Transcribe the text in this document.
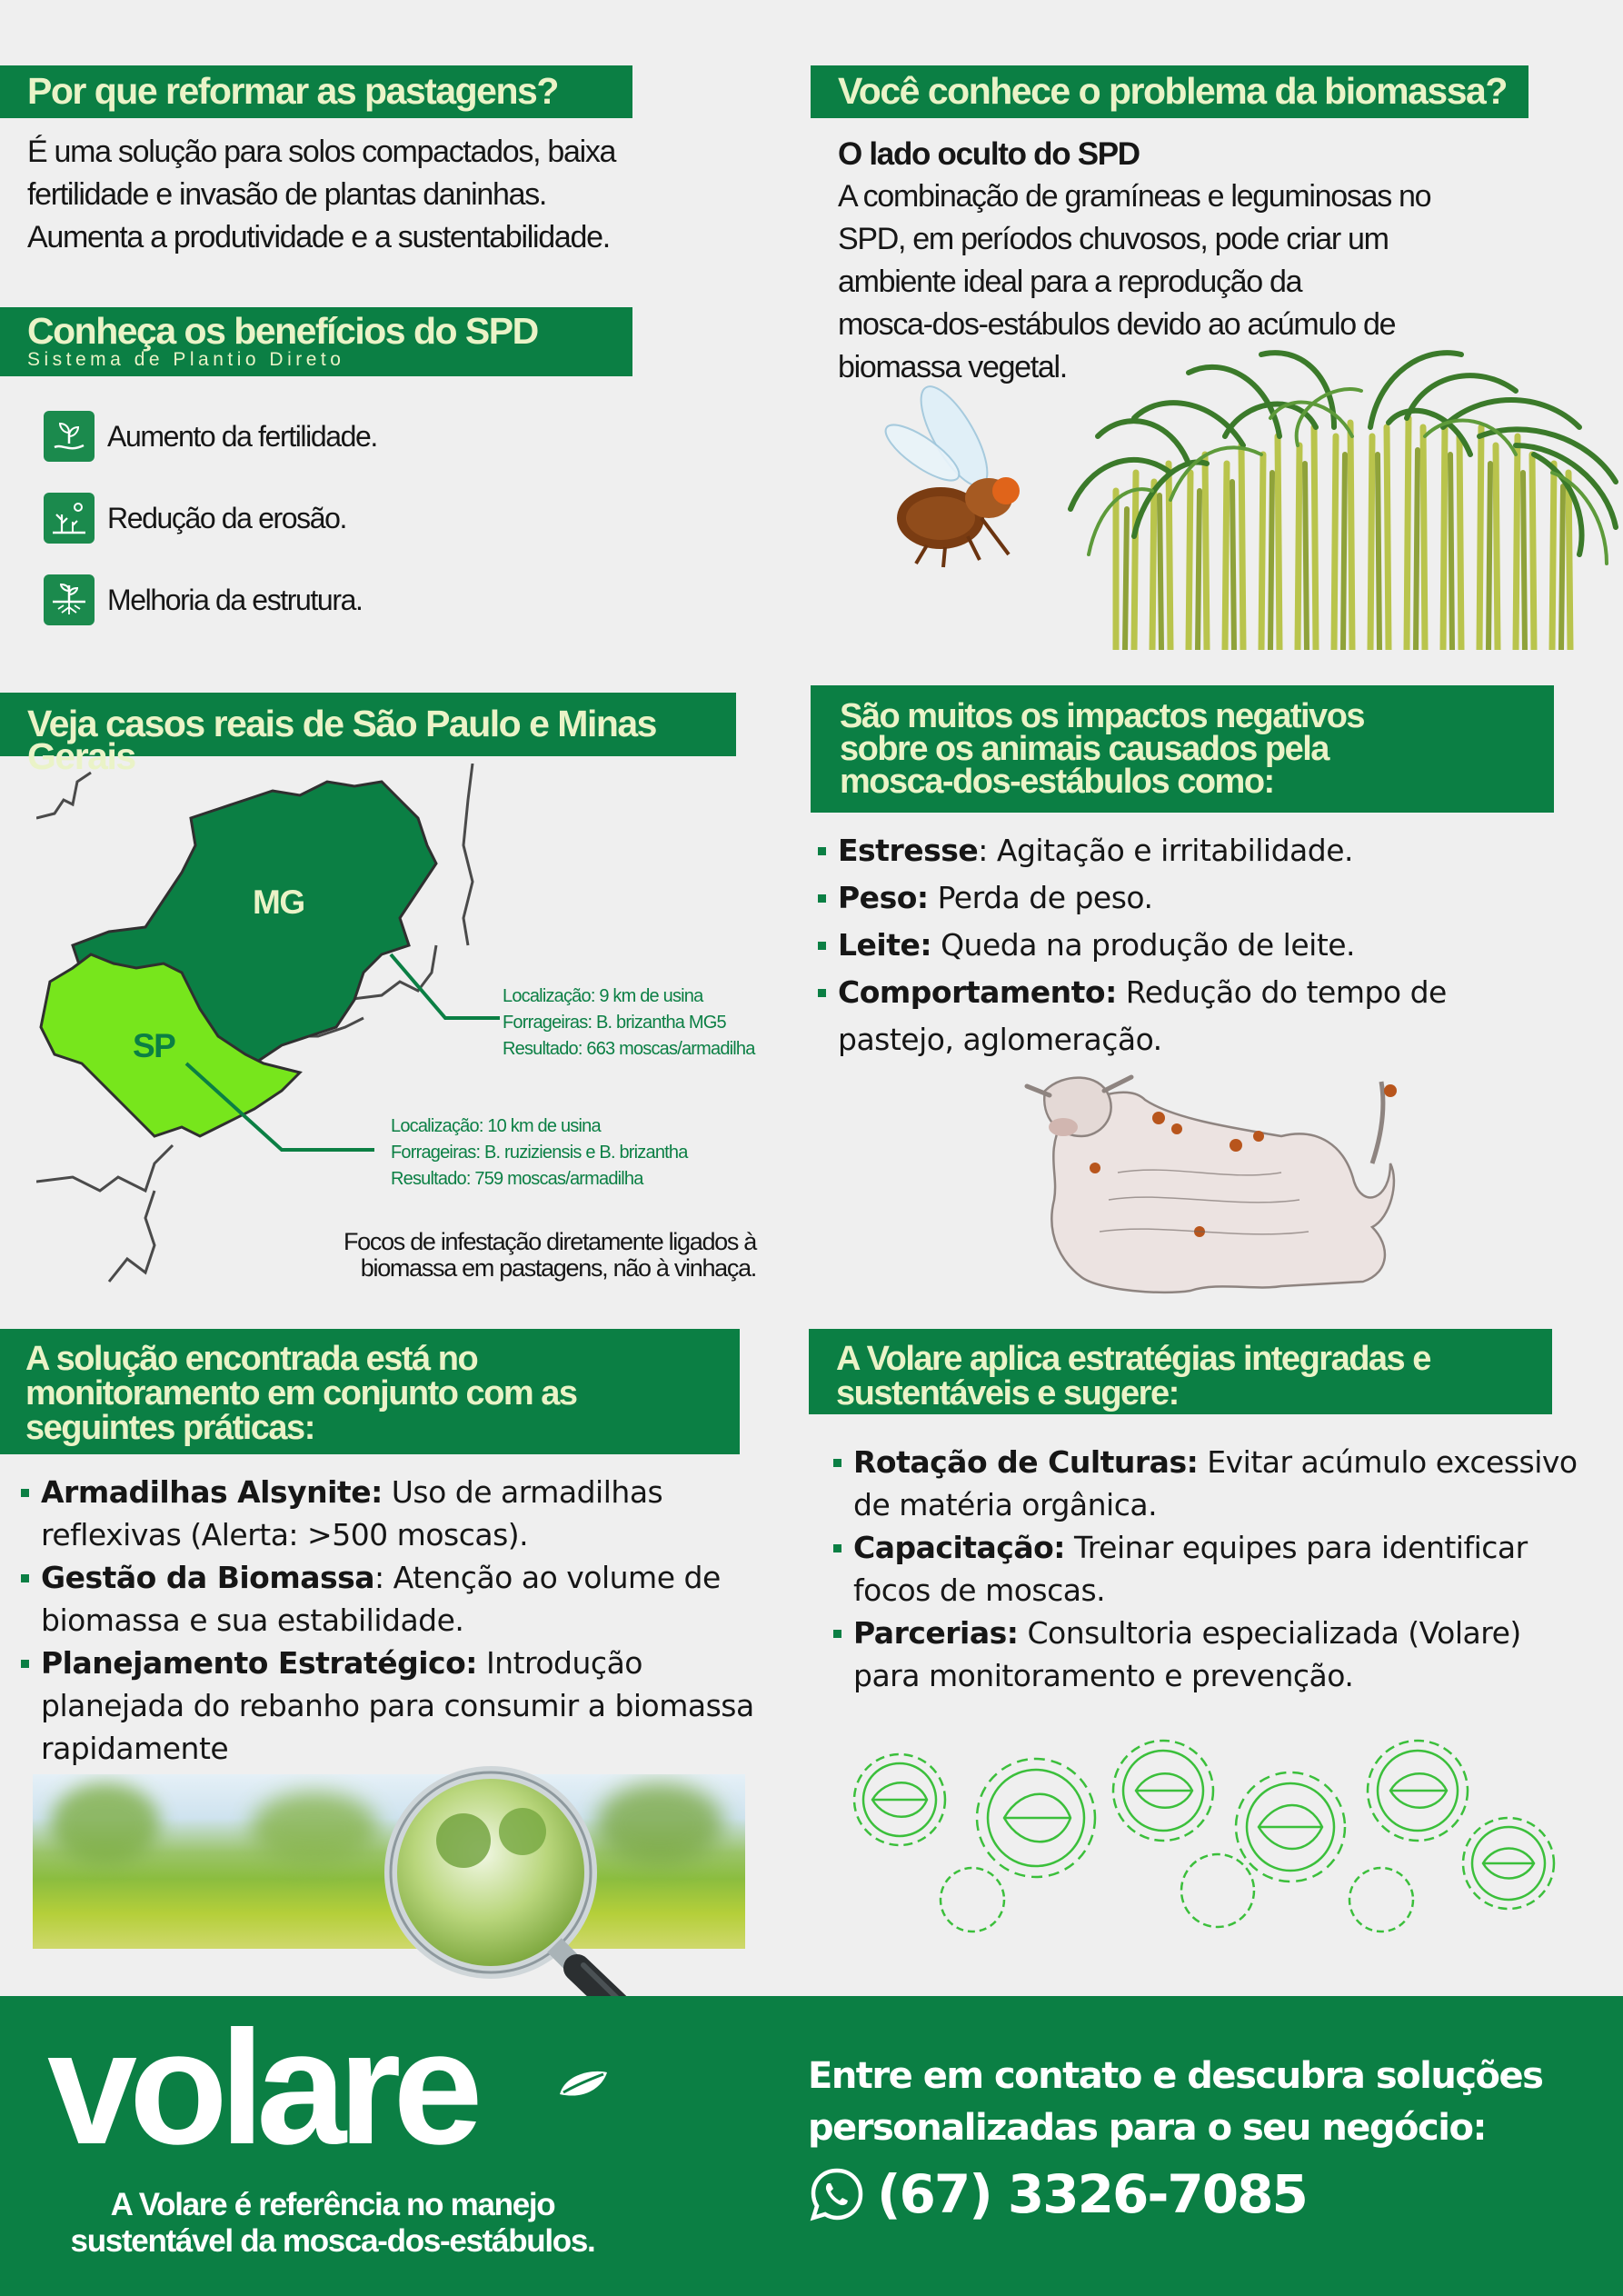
Por que reformar as pastagens?
É uma solução para solos compactados, baixa
fertilidade e invasão de plantas daninhas.
Aumenta a produtividade e a sustentabilidade.
Conheça os benefícios do SPD
Sistema de Plantio Direto
Aumento da fertilidade.
Redução da erosão.
Melhoria da estrutura.
Você conhece o problema da biomassa?
O lado oculto do SPD
A combinação de gramíneas e leguminosas no
SPD, em períodos chuvosos, pode criar um
ambiente ideal para a reprodução da
mosca-dos-estábulos devido ao acúmulo de
biomassa vegetal.
Veja casos reais de São Paulo e Minas Gerais
MG
SP
Localização: 9 km de usina
Forrageiras: B. brizantha MG5
Resultado: 663 moscas/armadilha
Localização: 10 km de usina
Forrageiras: B. ruziziensis e B. brizantha
Resultado: 759 moscas/armadilha
Focos de infestação diretamente ligados à
biomassa em pastagens, não à vinhaça.
São muitos os impactos negativos
sobre os animais causados pela
mosca-dos-estábulos como:
Estresse: Agitação e irritabilidade.
Peso: Perda de peso.
Leite: Queda na produção de leite.
Comportamento: Redução do tempo de pastejo, aglomeração.
A solução encontrada está no
monitoramento em conjunto com as
seguintes práticas:
Armadilhas Alsynite: Uso de armadilhas reflexivas (Alerta: >500 moscas).
Gestão da Biomassa: Atenção ao volume de biomassa e sua estabilidade.
Planejamento Estratégico: Introdução planejada do rebanho para consumir a biomassa rapidamente
A Volare aplica estratégias integradas e
sustentáveis e sugere:
Rotação de Culturas: Evitar acúmulo excessivo de matéria orgânica.
Capacitação: Treinar equipes para identificar focos de moscas.
Parcerias: Consultoria especializada (Volare) para monitoramento e prevenção.
volare
A Volare é referência no manejo
sustentável da mosca-dos-estábulos.
Entre em contato e descubra soluções
personalizadas para o seu negócio:
(67) 3326-7085
